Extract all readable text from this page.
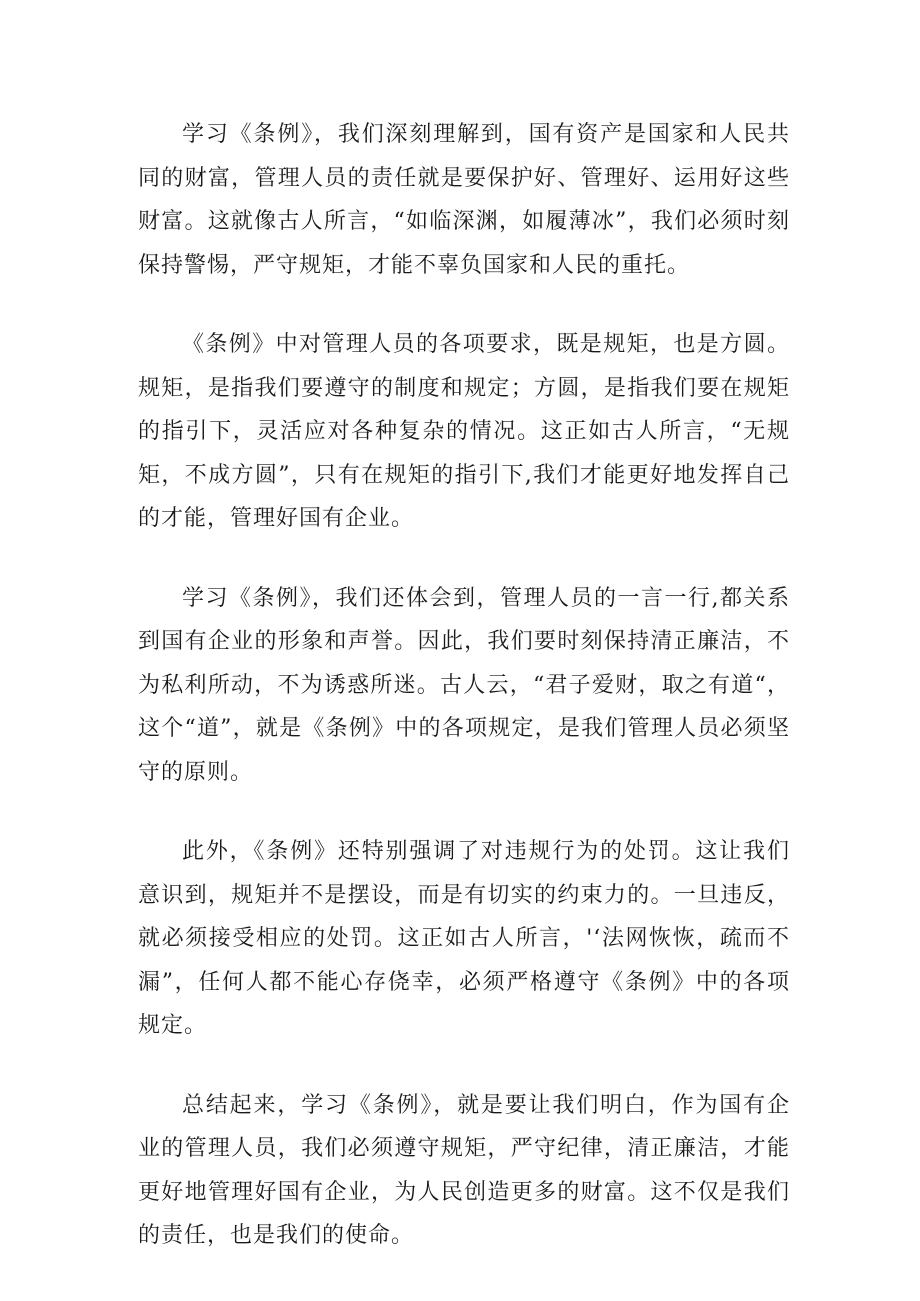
学习《条例》，我们深刻理解到，国有资产是国家和人民共同的财富，管理人员的责任就是要保护好、管理好、运用好这些财富。这就像古人所言，“如临深渊，如履薄冰”，我们必须时刻保持警惕，严守规矩，才能不辜负国家和人民的重托。

《条例》中对管理人员的各项要求，既是规矩，也是方圆。规矩，是指我们要遵守的制度和规定；方圆，是指我们要在规矩的指引下，灵活应对各种复杂的情况。这正如古人所言，“无规矩，不成方圆”，只有在规矩的指引下,我们才能更好地发挥自己的才能，管理好国有企业。

学习《条例》，我们还体会到，管理人员的一言一行,都关系到国有企业的形象和声誉。因此，我们要时刻保持清正廉洁，不为私利所动，不为诱惑所迷。古人云，“君子爱财，取之有道“，这个“道”，就是《条例》中的各项规定，是我们管理人员必须坚守的原则。

此外，《条例》还特别强调了对违规行为的处罚。这让我们意识到，规矩并不是摆设，而是有切实的约束力的。一旦违反，就必须接受相应的处罚。这正如古人所言，'‘法网恢恢，疏而不漏”，任何人都不能心存侥幸，必须严格遵守《条例》中的各项规定。

总结起来，学习《条例》，就是要让我们明白，作为国有企业的管理人员，我们必须遵守规矩，严守纪律，清正廉洁，才能更好地管理好国有企业，为人民创造更多的财富。这不仅是我们的责任，也是我们的使命。
